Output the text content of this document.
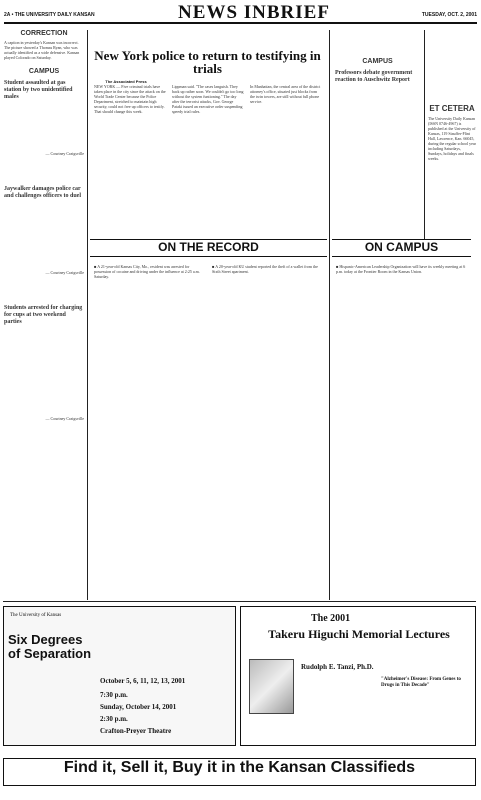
2A • THE UNIVERSITY DAILY KANSAN	NEWS INBRIEF	TUESDAY, OCT. 2, 2001
CORRECTION
A caption in yesterday's Kansan was incorrect. The picture showed a Thomas Ryan, who was actually identified as a wide defensive. Kansan played Colorado on Saturday.
CAMPUS
Student assaulted at gas station by two unidentified males
— Courtney Craigsville
Jaywalker damages police car and challenges officers to duel
— Courtney Craigsville
Students arrested for charging for cups at two weekend parties
— Courtney Craigsville
New York police to return to testifying in trials
The Associated Press
NEW YORK — Five criminal trials have taken place in the city since the attack on the World Trade Center because the Police Department, stretched to maintain high security, could not free up officers to testify. That should change this week.
Lippman said. "The cases languish. They back up rather soon. We couldn't go too long without the system funtioning." The day after the terrorist attacks, Gov. George Pataki issued an executive order suspending speedy trial rules.
In Manhattan, the central area of the district attorney's office, situated just blocks from the twin towers, are still without full phone service.
CAMPUS
Professors debate government reaction to Auschwitz Report
ET CETERA
The University Daily Kansan (ISSN 0746-4967) is published at the University of Kansas, 119 Stauffer-Flint Hall, Lawrence, Kan. 66045, during the regular school year including Saturdays, Sundays, holidays and finals weeks.
ON THE RECORD
■ A 21-year-old Kansas City, Mo., resident was arrested for possession of cocaine and driving under the influence at 2:25 a.m. Saturday.
■ A 20-year-old KU student reported the theft of a wallet from the Sixth Street apartment.
ON CAMPUS
■ Hispanic-American Leadership Organization will have its weekly meeting at 6 p.m. today at the Frontier Room in the Kansas Union.
The University of Kansas
Six Degrees of Separation
October 5, 6, 11, 12, 13, 2001
7:30 p.m.
Sunday, October 14, 2001
2:30 p.m.
Crafton-Preyer Theatre
The 2001
Takeru Higuchi Memorial Lectures
Rudolph E. Tanzi, Ph.D.
"Alzheimer's Disease: From Genes to Drugs in This Decade"
Find it, Sell it, Buy it in the Kansan Classifieds
